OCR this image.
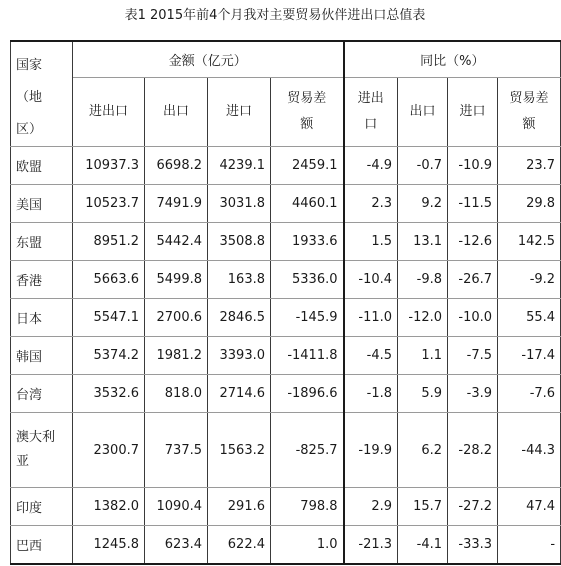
表1 2015年前4个月我对主要贸易伙伴进出口总值表
国家（地区）	金额（亿元）				同比（%）			
	进出口	出口	进口	贸易差额	进出口	出口	进口	贸易差额
欧盟	10937.3	6698.2	4239.1	2459.1	-4.9	-0.7	-10.9	23.7
美国	10523.7	7491.9	3031.8	4460.1	2.3	9.2	-11.5	29.8
东盟	8951.2	5442.4	3508.8	1933.6	1.5	13.1	-12.6	142.5
香港	5663.6	5499.8	163.8	5336.0	-10.4	-9.8	-26.7	-9.2
日本	5547.1	2700.6	2846.5	-145.9	-11.0	-12.0	-10.0	55.4
韩国	5374.2	1981.2	3393.0	-1411.8	-4.5	1.1	-7.5	-17.4
台湾	3532.6	818.0	2714.6	-1896.6	-1.8	5.9	-3.9	-7.6
澳大利亚	2300.7	737.5	1563.2	-825.7	-19.9	6.2	-28.2	-44.3
印度	1382.0	1090.4	291.6	798.8	2.9	15.7	-27.2	47.4
巴西	1245.8	623.4	622.4	1.0	-21.3	-4.1	-33.3	-
